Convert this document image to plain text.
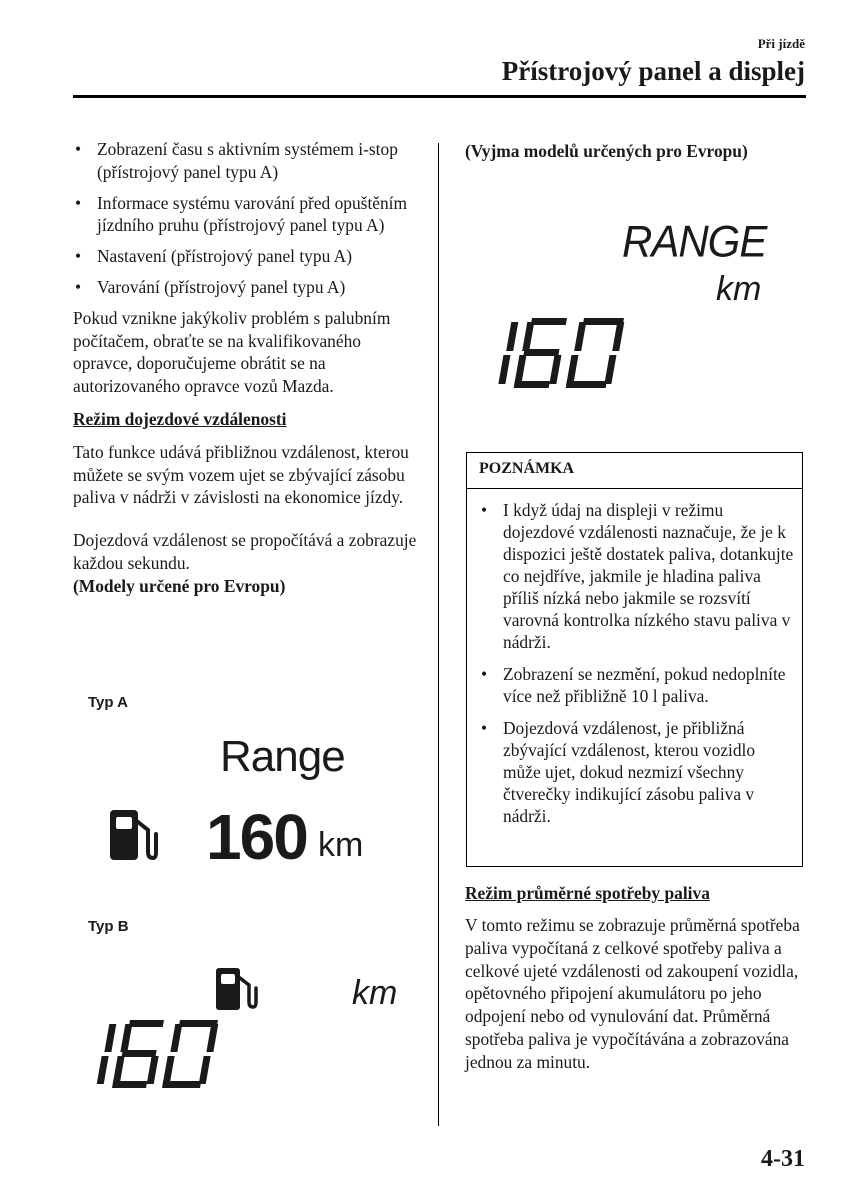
Při jízdě
Přístrojový panel a displej
• Zobrazení času s aktivním systémem i-stop (přístrojový panel typu A)
• Informace systému varování před opuštěním jízdního pruhu (přístrojový panel typu A)
• Nastavení (přístrojový panel typu A)
• Varování (přístrojový panel typu A)

Pokud vznikne jakýkoliv problém s palubním počítačem, obraťte se na kvalifikovaného opravce, doporučujeme obrátit se na autorizovaného opravce vozů Mazda.

Režim dojezdové vzdálenosti

Tato funkce udává přibližnou vzdálenost, kterou můžete se svým vozem ujet se zbývající zásobu paliva v nádrži v závislosti na ekonomice jízdy.

Dojezdová vzdálenost se propočítává a zobrazuje každou sekundu.

(Modely určené pro Evropu)

Typ A
Range
160 km
Typ B
km
(Vyjma modelů určených pro Evropu)
RANGE
km
POZNÁMKA
• I když údaj na displeji v režimu dojezdové vzdálenosti naznačuje, že je k dispozici ještě dostatek paliva, dotankujte co nejdříve, jakmile je hladina paliva příliš nízká nebo jakmile se rozsvítí varovná kontrolka nízkého stavu paliva v nádrži.
• Zobrazení se nezmění, pokud nedoplníte více než přibližně 10 l paliva.
• Dojezdová vzdálenost, je přibližná zbývající vzdálenost, kterou vozidlo může ujet, dokud nezmizí všechny čtverečky indikující zásobu paliva v nádrži.
Režim průměrné spotřeby paliva
V tomto režimu se zobrazuje průměrná spotřeba paliva vypočítaná z celkové spotřeby paliva a celkové ujeté vzdálenosti od zakoupení vozidla, opětovného připojení akumulátoru po jeho odpojení nebo od vynulování dat. Průměrná spotřeba paliva je vypočítávána a zobrazována jednou za minutu.
4-31
